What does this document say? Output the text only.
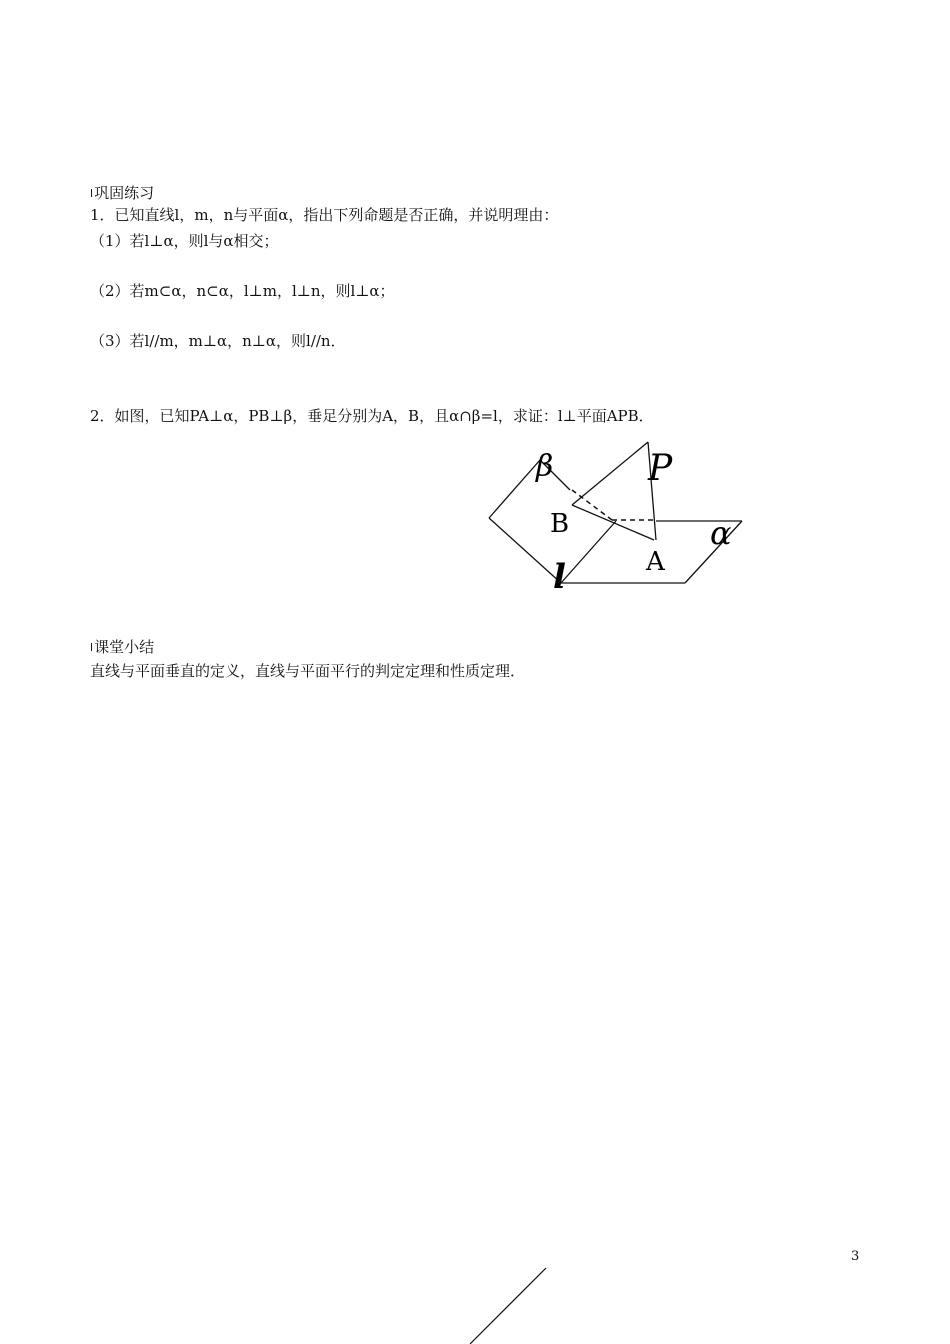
l巩固练习
1．已知直线l，m，n与平面α，指出下列命题是否正确，并说明理由：
（1）若l⊥α，则l与α相交；
（2）若m⊂α，n⊂α，l⊥m，l⊥n，则l⊥α；
（3）若l//m，m⊥α，n⊥α，则l//n．
2．如图，已知PA⊥α，PB⊥β，垂足分别为A，B，且α∩β=l，求证：l⊥平面APB．
β	P
B	α
A
l
l课堂小结
直线与平面垂直的定义，直线与平面平行的判定定理和性质定理．
3
